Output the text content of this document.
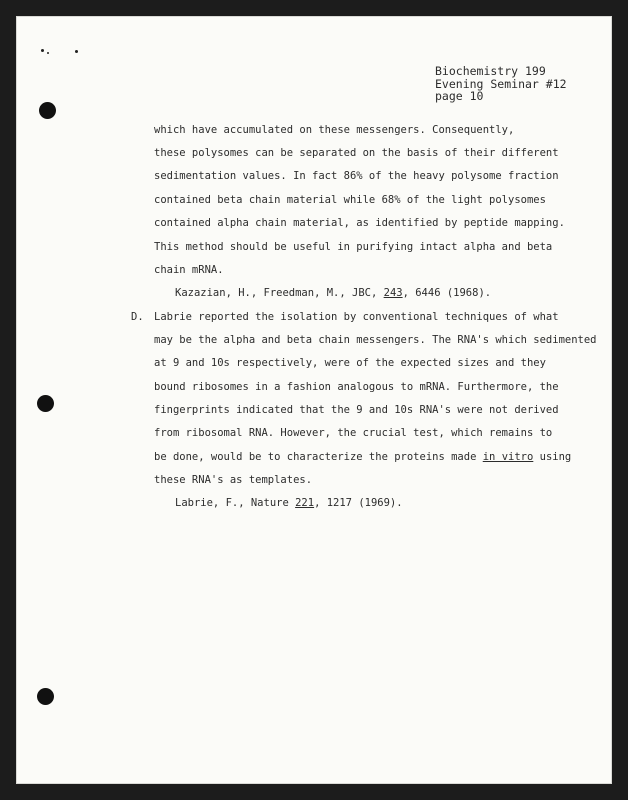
Biochemistry 199
Evening Seminar #12
page 10
which have accumulated on these messengers. Consequently,
these polysomes can be separated on the basis of their different
sedimentation values. In fact 86% of the heavy polysome fraction
contained beta chain material while 68% of the light polysomes
contained alpha chain material, as identified by peptide mapping.
This method should be useful in purifying intact alpha and beta
chain mRNA.
Kazazian, H., Freedman, M., JBC, 243, 6446 (1968).
D. Labrie reported the isolation by conventional techniques of what
may be the alpha and beta chain messengers. The RNA's which sedimented
at 9 and 10s respectively, were of the expected sizes and they
bound ribosomes in a fashion analogous to mRNA. Furthermore, the
fingerprints indicated that the 9 and 10s RNA's were not derived
from ribosomal RNA. However, the crucial test, which remains to
be done, would be to characterize the proteins made in vitro using
these RNA's as templates.
Labrie, F., Nature 221, 1217 (1969).
